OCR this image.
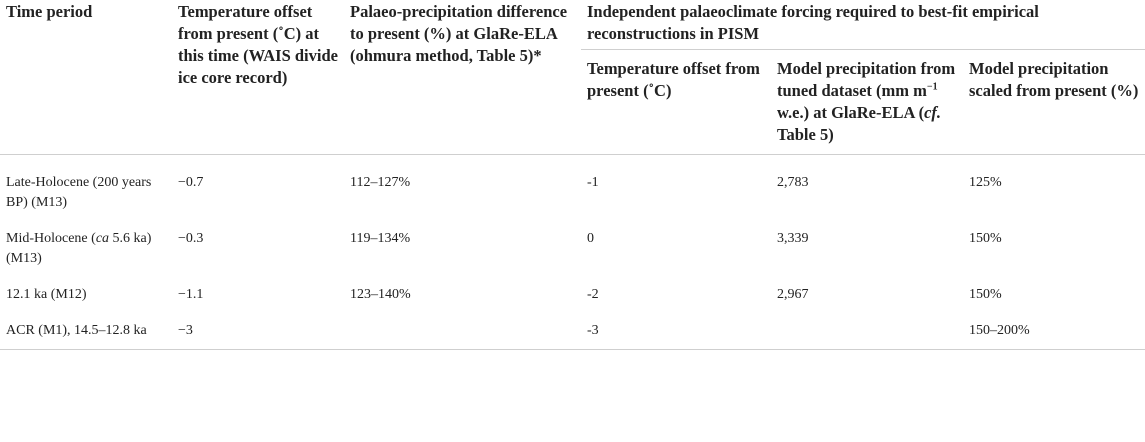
Time period	Temperature offset from present (˚C) at this time (WAIS divide ice core record)	Palaeo-precipitation difference to present (%) at GlaRe-ELA (ohmura method, Table 5)*	Independent palaeoclimate forcing required to best-fit empirical reconstructions in PISM		
			Temperature offset from present (˚C)	Model precipitation from tuned dataset (mm $m^{-1}$ w.e.) at GlaRe-ELA (cf. Table 5)	Model precipitation scaled from present (%)
Late-Holocene (200 years BP) (M13)	−0.7	112–127%	-1	2,783	125%
Mid-Holocene (ca 5.6 ka) (M13)	−0.3	119–134%	0	3,339	150%
12.1 ka (M12)	−1.1	123–140%	-2	2,967	150%
ACR (M1), 14.5–12.8 ka	−3		-3		150–200%
